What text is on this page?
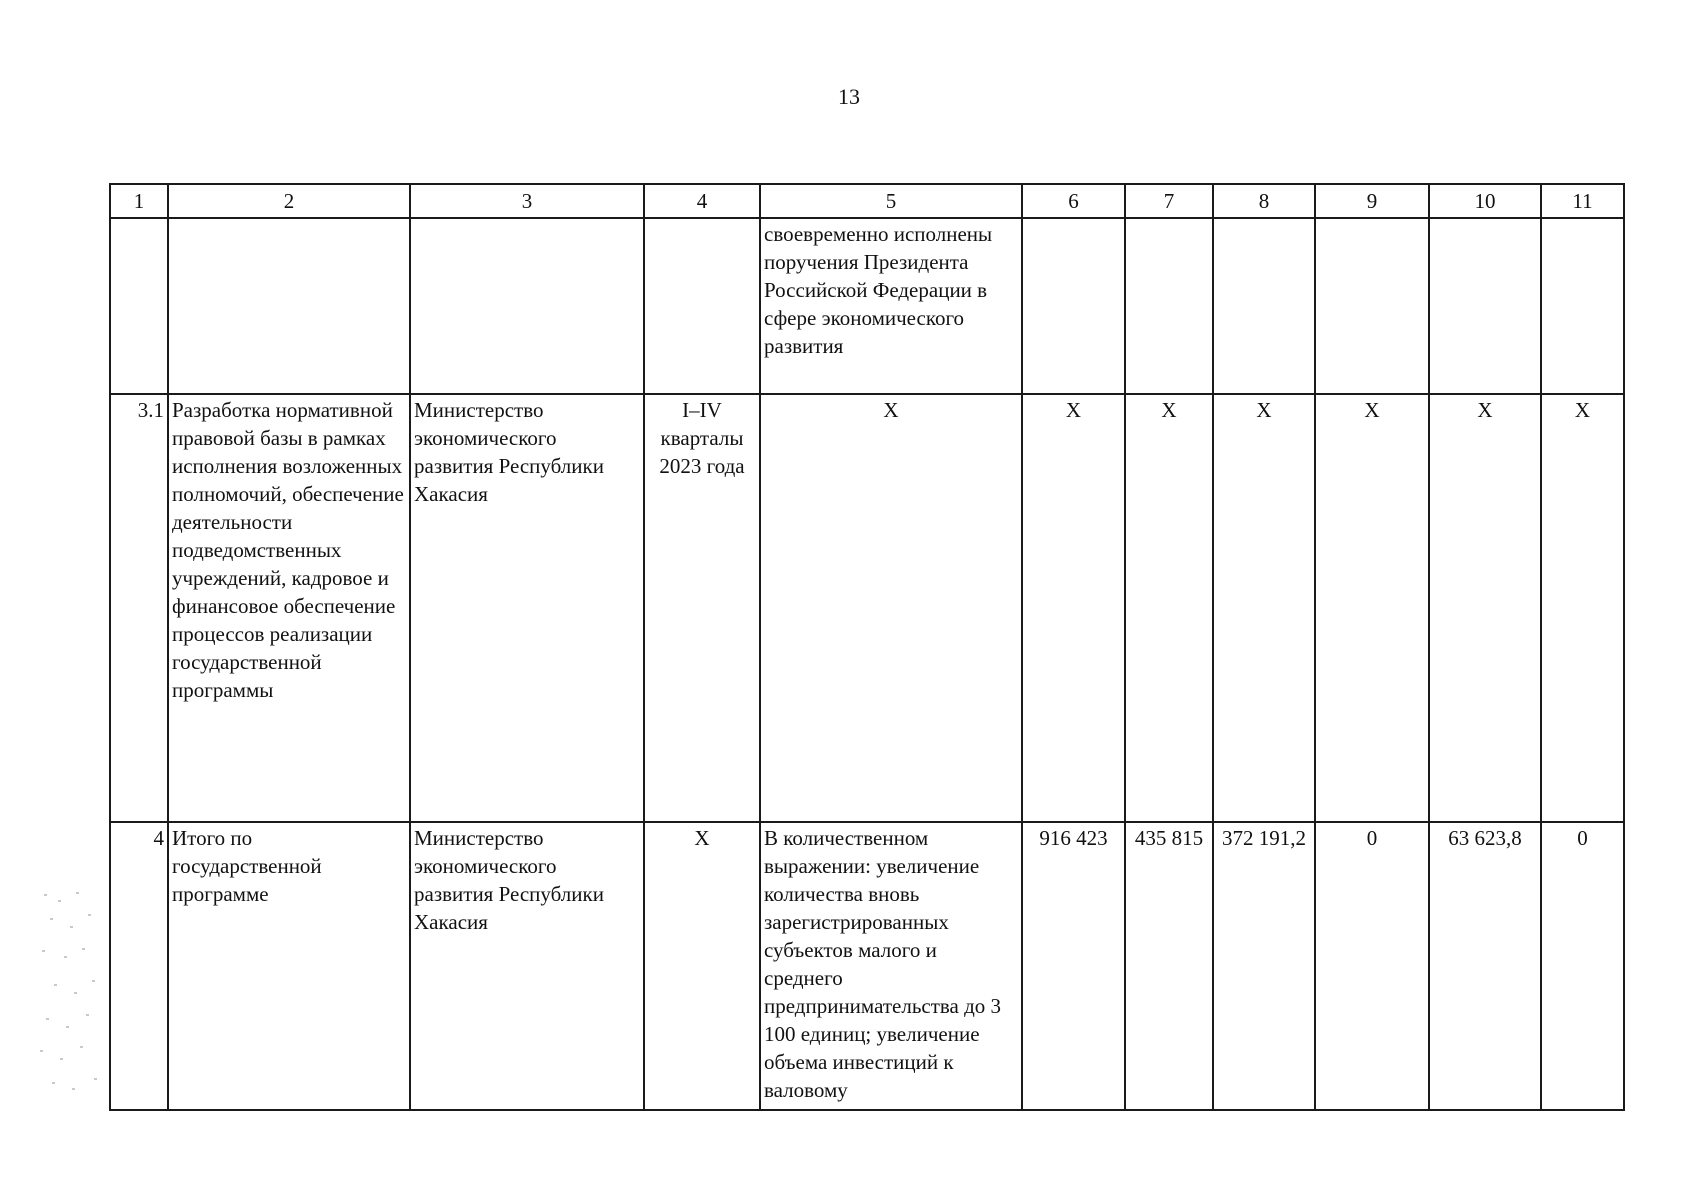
13
1	2	3	4	5	6	7	8	9	10	11
				своевременно исполнены поручения Президента Российской Федерации в сфере экономического развития						
3.1	Разработка нормативной правовой базы в рамках исполнения возложенных полномочий, обеспечение деятельности подведомственных учреждений, кадровое и финансовое обеспечение процессов реализации государственной программы	Министерство экономического развития Республики Хакасия	I–IV кварталы 2023 года	Х	Х	Х	Х	Х	Х	Х
4	Итого по государственной программе	Министерство экономического развития Республики Хакасия	Х	В количественном выражении: увеличение количества вновь зарегистрированных субъектов малого и среднего предпринимательства до 3 100 единиц; увеличение объема инвестиций к валовому	916 423	435 815	372 191,2	0	63 623,8	0
